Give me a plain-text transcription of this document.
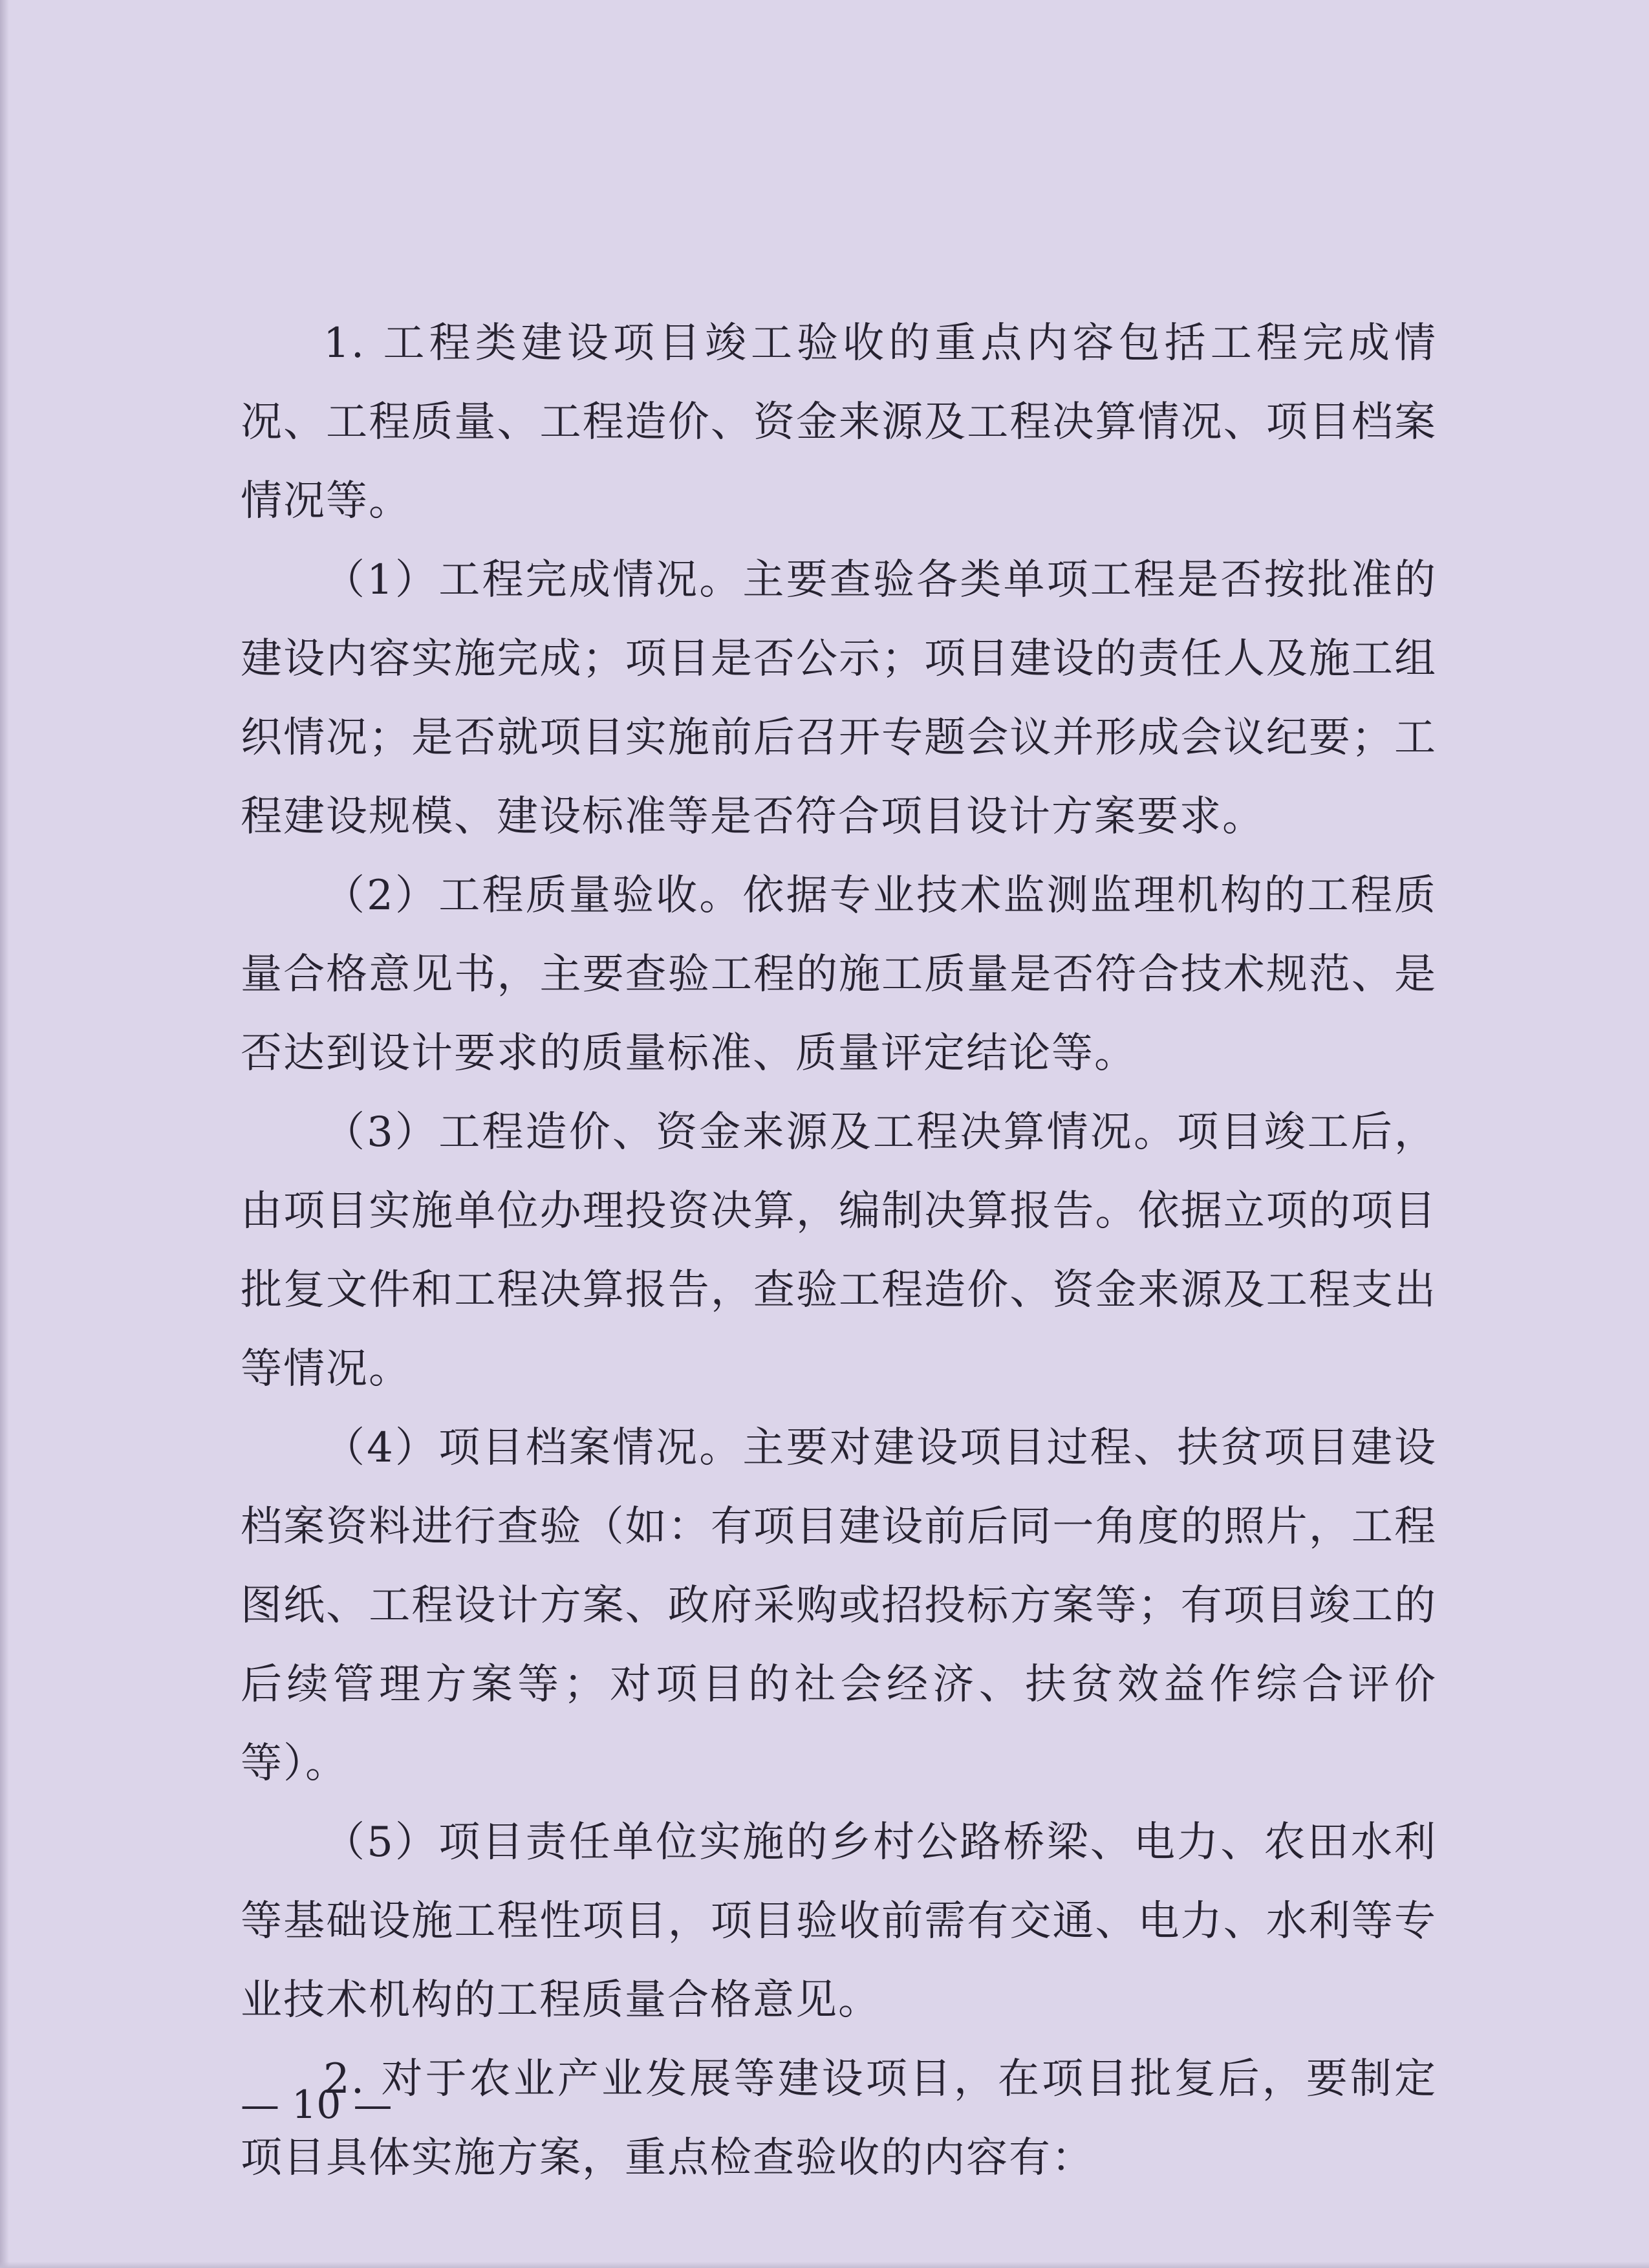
1. 工程类建设项目竣工验收的重点内容包括工程完成情况、工程质量、工程造价、资金来源及工程决算情况、项目档案情况等。

（1）工程完成情况。主要查验各类单项工程是否按批准的建设内容实施完成；项目是否公示；项目建设的责任人及施工组织情况；是否就项目实施前后召开专题会议并形成会议纪要；工程建设规模、建设标准等是否符合项目设计方案要求。

（2）工程质量验收。依据专业技术监测监理机构的工程质量合格意见书，主要查验工程的施工质量是否符合技术规范、是否达到设计要求的质量标准、质量评定结论等。

（3）工程造价、资金来源及工程决算情况。项目竣工后，由项目实施单位办理投资决算，编制决算报告。依据立项的项目批复文件和工程决算报告，查验工程造价、资金来源及工程支出等情况。

（4）项目档案情况。主要对建设项目过程、扶贫项目建设档案资料进行查验（如：有项目建设前后同一角度的照片，工程图纸、工程设计方案、政府采购或招投标方案等；有项目竣工的后续管理方案等；对项目的社会经济、扶贫效益作综合评价等）。

（5）项目责任单位实施的乡村公路桥梁、电力、农田水利等基础设施工程性项目，项目验收前需有交通、电力、水利等专业技术机构的工程质量合格意见。

2. 对于农业产业发展等建设项目，在项目批复后，要制定项目具体实施方案，重点检查验收的内容有：

— 10 —
